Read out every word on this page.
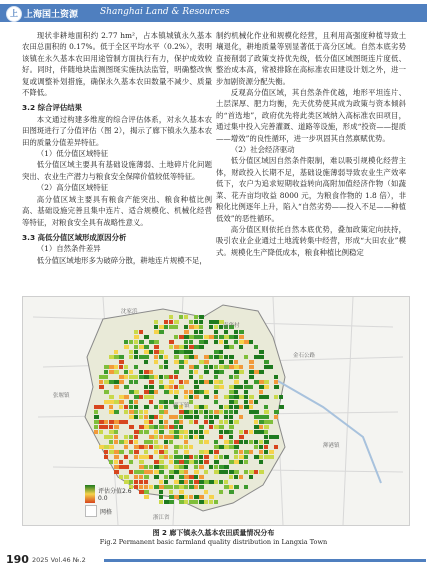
上 上海国土资源 Shanghai Land & Resources

现状非耕地面积约 2.77 hm²，占本镇城镇永久基本农田总面积的 0.17%。低于全区平均水平（0.2%），表明该镇在永久基本农田用途管制方面执行有力，保护成效较好。同时，伴随地块监测图斑实施执法监管，明确整改恢复或调整补划措施，确保永久基本农田数量不减少、质量不降低。

3.2 综合评估结果

本文通过构建多维度的综合评估体系，对永久基本农田图斑进行了分值评估（图 2），揭示了廊下镇永久基本农田的质量分值差异特征。

（1）低分值区域特征

低分值区域主要具有基础设施薄弱、土地碎片化问题突出、农业生产潜力与粮食安全保障价值较低等特征。

（2）高分值区域特征

高分值区域主要具有粮食产能突出、粮食种植比例高、基础设施完善且集中连片、适合规模化、机械化经营等特征，对粮食安全具有战略性意义。

3.3 高低分值区域形成原因分析

（1）自然条件差异

低分值区域地形多为破碎分散，耕地连片规模不足，

制约机械化作业和规模化经营，且利用高强度种植导致土壤退化，耕地质量等别显著低于高分区域。自然本底劣势直接削弱了政策支持优先级，低分值区域图斑连片度低、整治成本高，常被排除在高标准农田建设计划之外，进一步加剧资源分配失衡。

反观高分值区域，其自然条件优越，地形平坦连片、土层深厚、肥力均衡，先天优势使其成为政策与资本倾斜的“首选地”，政府优先将此类区域纳入高标准农田项目，通过集中投入完善灌溉、道路等设施，形成“投资——提质——增效”的良性循环，进一步巩固其自然禀赋优势。

（2）社会经济驱动

低分值区域因自然条件限制，难以吸引规模化经营主体，财政投入长期不足，基础设施薄弱导致农业生产效率低下，农户为追求短期收益转向高附加值经济作物（如蔬菜、花卉亩均收益 8000 元，为粮食作物的 1.8 倍），非粮化比例逐年上升，陷入“自然劣势——投入不足——种植低效”的恶性循环。

高分值区则依托自然本底优势，叠加政策定向扶持，吸引农业企业通过土地流转集中经营，形成“大田农业”模式。规模化生产降低成本，粮食种植比例稳定

沈家浜
南华村
金石公路
廊下镇
泖港镇
张堰镇
浙江省
评估分值2.6
0.0
网格
图 2 廊下镇永久基本农田质量情况分布
Fig.2 Permanent basic farmland quality distribution in Langxia Town
190 2025 Vol.46 №.2
